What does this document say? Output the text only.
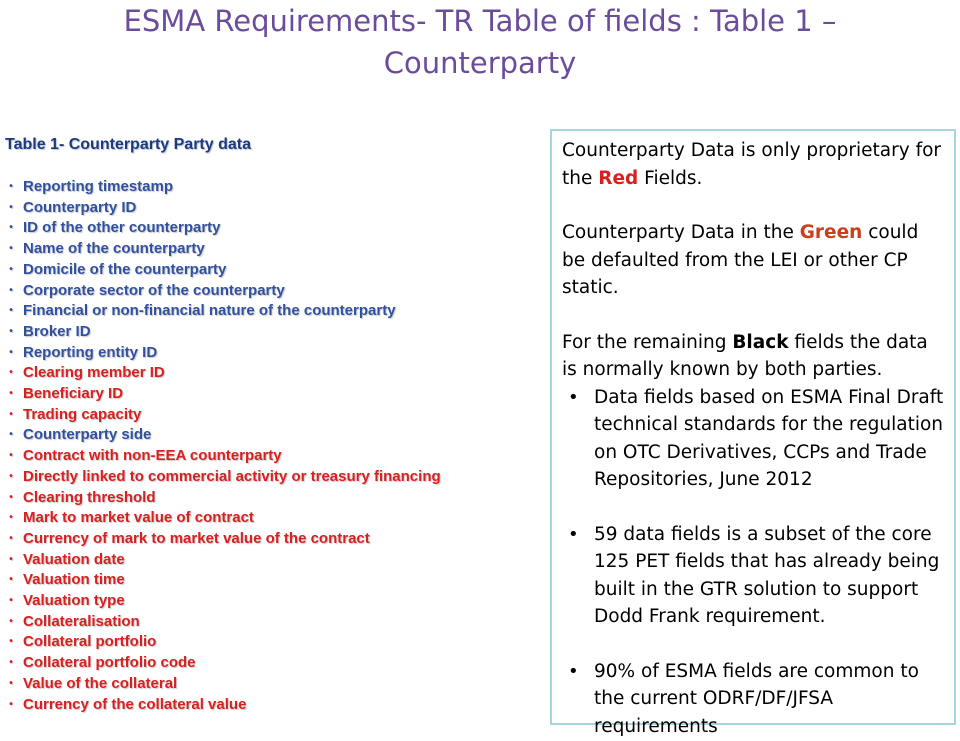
ESMA Requirements- TR Table of fields : Table 1 – Counterparty
Table 1- Counterparty Party data
• Reporting timestamp
• Counterparty ID
• ID of the other counterparty
• Name of the counterparty
• Domicile of the counterparty
• Corporate sector of the counterparty
• Financial or non-financial nature of the counterparty
• Broker ID
• Reporting entity ID
• Clearing member ID
• Beneficiary ID
• Trading capacity
• Counterparty side
• Contract with non-EEA counterparty
• Directly linked to commercial activity or treasury financing
• Clearing threshold
• Mark to market value of contract
• Currency of mark to market value of the contract
• Valuation date
• Valuation time
• Valuation type
• Collateralisation
• Collateral portfolio
• Collateral portfolio code
• Value of the collateral
• Currency of the collateral value

Counterparty Data is only proprietary for the Red Fields.

Counterparty Data in the Green could be defaulted from the LEI or other CP static.

For the remaining Black fields the data is normally known by both parties.

• Data fields based on ESMA Final Draft technical standards for the regulation on OTC Derivatives, CCPs and Trade Repositories, June 2012
• 59 data fields is a subset of the core 125 PET fields that has already being built in the GTR solution to support Dodd Frank requirement.
• 90% of ESMA fields are common to the current ODRF/DF/JFSA requirements
